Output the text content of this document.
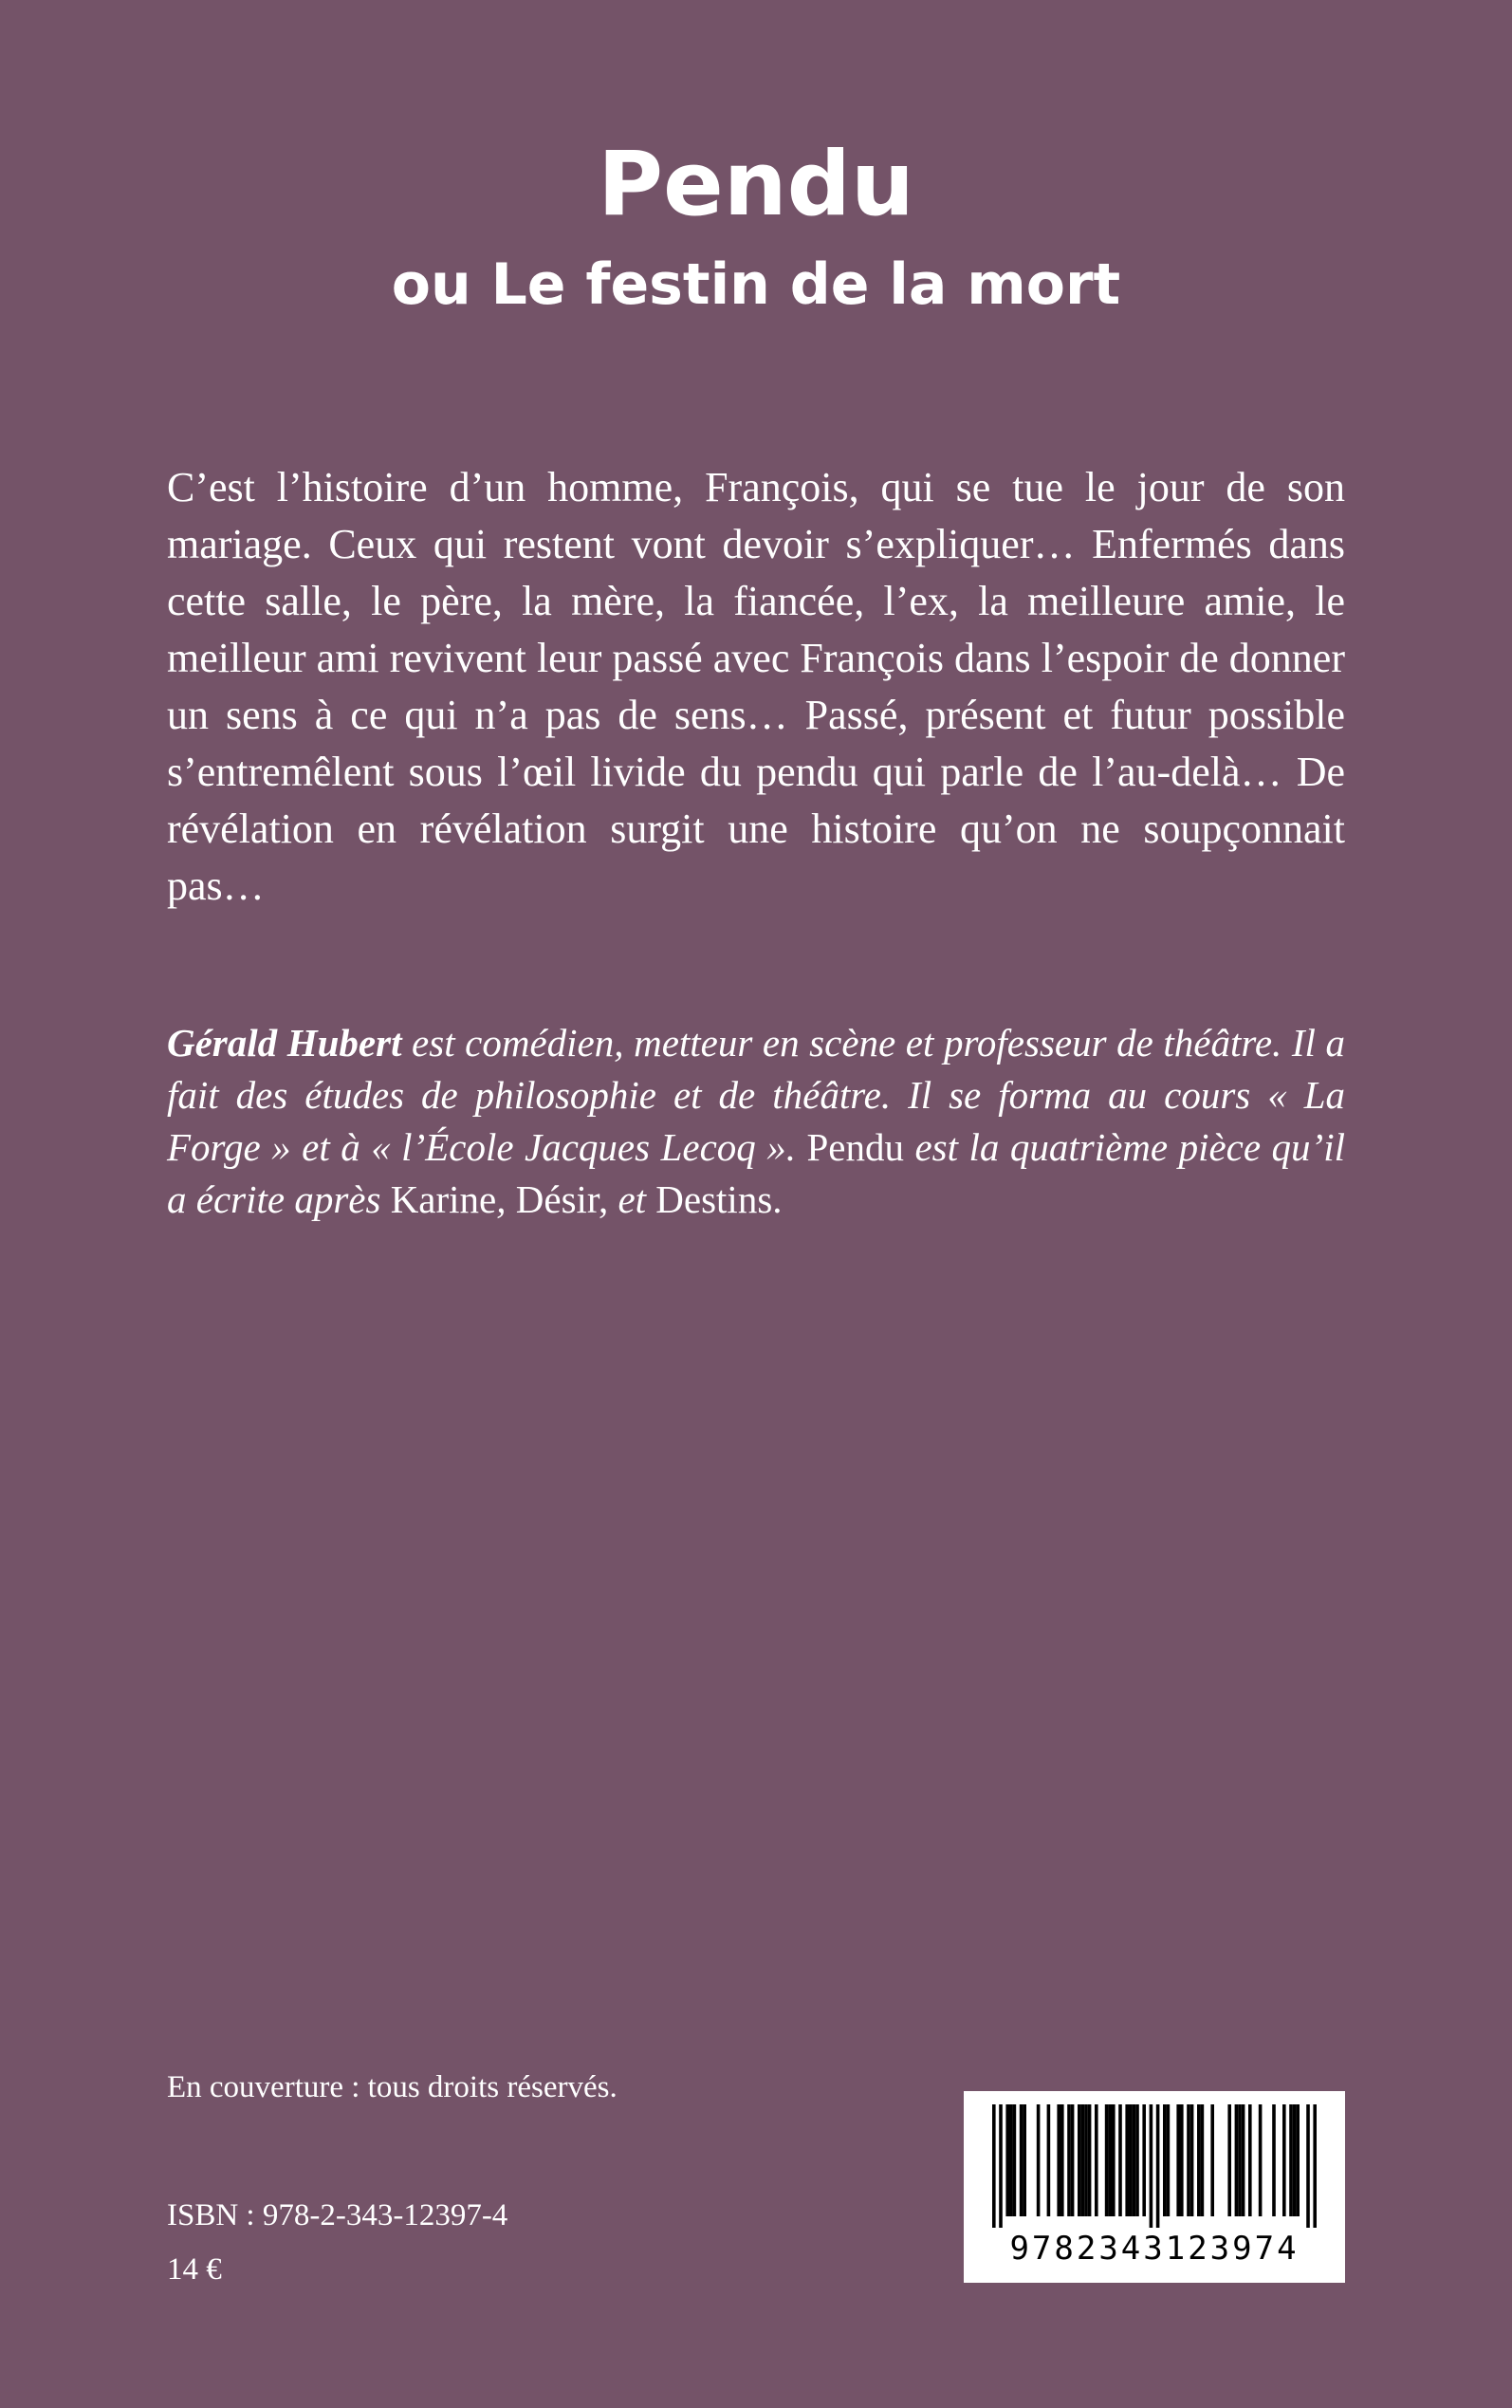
Pendu
ou Le festin de la mort

C’est l’histoire d’un homme, François, qui se tue le jour de son mariage. Ceux qui restent vont devoir s’expliquer… Enfermés dans cette salle, le père, la mère, la fiancée, l’ex, la meilleure amie, le meilleur ami revivent leur passé avec François dans l’espoir de donner un sens à ce qui n’a pas de sens… Passé, présent et futur possible s’entremêlent sous l’œil livide du pendu qui parle de l’au-delà… De révélation en révélation surgit une histoire qu’on ne soupçonnait pas…

Gérald Hubert est comédien, metteur en scène et professeur de théâtre. Il a fait des études de philosophie et de théâtre. Il se forma au cours « La Forge » et à « l’École Jacques Lecoq ». Pendu est la quatrième pièce qu’il a écrite après Karine, Désir, et Destins.

En couverture : tous droits réservés.

ISBN : 978-2-343-12397-4

14 €

9782343123974
